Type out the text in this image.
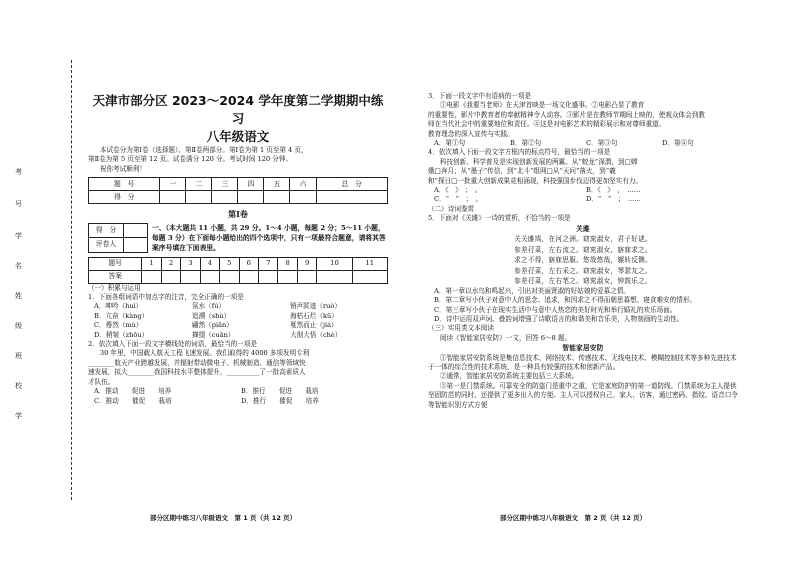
考
号
学
名
姓
级
班
校
学
天津市部分区 2023～2024 学年度第二学期期中练习
八年级语文
本试卷分为第Ⅰ卷（选择题）、第Ⅱ卷两部分。第Ⅰ卷为第 1 页至第 4 页，
第Ⅱ卷为第 5 页至第 12 页。试卷满分 120 分。考试时间 120 分钟。
祝你考试顺利！
题　号	一	二	三	四	五	六	总　分
得　分							
第Ⅰ卷
得　分	
评卷人	
一、（本大题共 11 小题，共 29 分。1～4 小题，每题 2 分；5～11 小题，每题 3 分）在下面每小题给出的四个选项中，只有一项最符合题意，请将其答案序号填在下面表里。
题号	1	2	3	4	5	6	7	8	9	10	11
答案											
（一）积累与运用
1．下面各组词语中加点字的注音，完全正确的一项是
A．呻吟（huì）	氛水（fú）	销声匿迹（ruò）
B．亢奋（kàng）	追溯（shù）	海枯石烂（kū）
C．蓦然（mù）	翩然（piān）	戛然而止（jiá）
D．稍皱（zhōu）	撺掇（cuān）	大彻大悟（chè）
2．依次填入下面一段文字横线处的词语，最恰当的一项是
30 年里，中国载人航天工程飞速发展。我们取得的 4000 多项发明专利
________航天产业跨越发展，并辐射带动微电子、机械制造、通信等领域快
速发展，拟大________我国科技水平整体提升，__________了一批高素质人
才队伍。
A．推动　　促进　　培养	B．推行　　促进　　栽培
C．推动　　催促　　栽培	D．推行　　催促　　培养
部分区期中练习八年级语文　第 1 页（共 12 页）
3．下面一段文字中有语病的一项是
①电影《我要当老师》在天津首映是一场文化盛事。②电影凸显了教育
的重要性，影片中教育者的奉献精神令人动容。③影片是在教师节期间上映的，使观众体会到教
师在当代社会中的重要地位和责任。④这是对电影艺术的精彩展示和对尊师重道、
教育理念的深入宣传与实践。
A．第①句	B．第②句	C．第③句	D．第④句
4．依次填入下面一段文字方框内的标点符号，最恰当的一项是
科技创新、科学普及是实现创新发展的两翼。从“蛟龙”深潜，到□嫦
娥□奔月；从“墨子”传信，到“北斗”组网□从“天问”落火，到“羲
和”探日□一批重大创新成果竞相涌现，科技强国步伐迈得更加坚实有力。
A．《　》　；　。	B．《　》　，　……
C．“　”　；　。	D．“　”　；　……
（二）诗词鉴赏
5．下面对《关雎》一诗的赏析，不恰当的一项是
关雎
关关雎鸠，在河之洲。窈窕淑女，君子好逑。
参差荇菜，左右流之。窈窕淑女，寤寐求之。
求之不得，寤寐思服。悠哉悠哉，辗转反侧。
参差荇菜，左右采之。窈窕淑女，琴瑟友之。
参差荇菜，左右芼之。窈窕淑女，钟鼓乐之。
A．第一章以水鸟和鸣起兴，引出对美丽贤淑的好姑娘的爱慕之情。
B．第二章写小伙子对意中人的思念、追求，和因求之不得而朝思暮想、寝食难安的情形。
C．第三章写小伙子在现实生活中与意中人热恋的美好时光和举行婚礼的欢乐场面。
D．诗中运用双声词、叠韵词增强了诗歌语言的和谐美和音乐美，人物刻画的生动性。
（三）实用类文本阅读
阅读《智能家居安防》一文，回答 6～8 题。
智能家居安防
①智能家居安防系统是集信息技术、网络技术、传感技术、无线电技术、模糊控制技术等多种先进技术于一体的综合性的技术系统，是一种具有较强的技术和创新产品。
②通常，智能家居安防系统主要包括三大系统。
③第一是门禁系统。可靠安全的防盗门是重中之重，它是家庭防护的第一道防线。门禁系统为主人提供坚固防范的同时，还提供了更多出入的方便。主人可以授权自己、家人、访客，通过密码、指纹、语音口令等智能识别方式方便
部分区期中练习八年级语文　第 2 页（共 12 页）
